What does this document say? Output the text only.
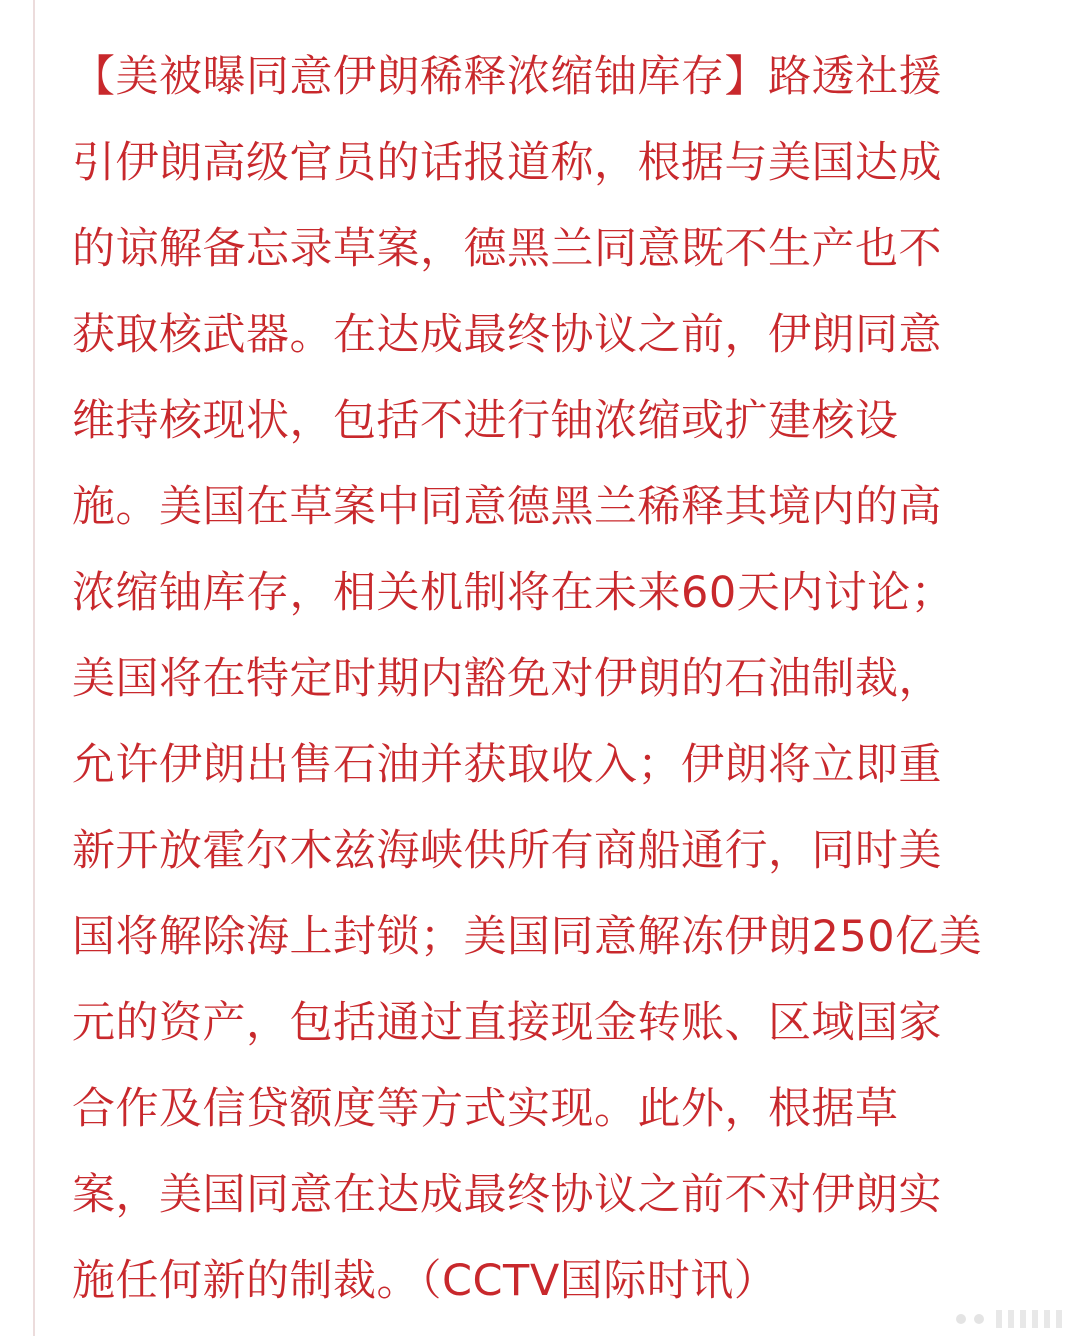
【美被曝同意伊朗稀释浓缩铀库存】路透社援
引伊朗高级官员的话报道称，根据与美国达成
的谅解备忘录草案，德黑兰同意既不生产也不
获取核武器。在达成最终协议之前，伊朗同意
维持核现状，包括不进行铀浓缩或扩建核设
施。美国在草案中同意德黑兰稀释其境内的高
浓缩铀库存，相关机制将在未来60天内讨论；
美国将在特定时期内豁免对伊朗的石油制裁，
允许伊朗出售石油并获取收入；伊朗将立即重
新开放霍尔木兹海峡供所有商船通行，同时美
国将解除海上封锁；美国同意解冻伊朗250亿美
元的资产，包括通过直接现金转账、区域国家
合作及信贷额度等方式实现。此外，根据草
案，美国同意在达成最终协议之前不对伊朗实
施任何新的制裁。（CCTV国际时讯）
